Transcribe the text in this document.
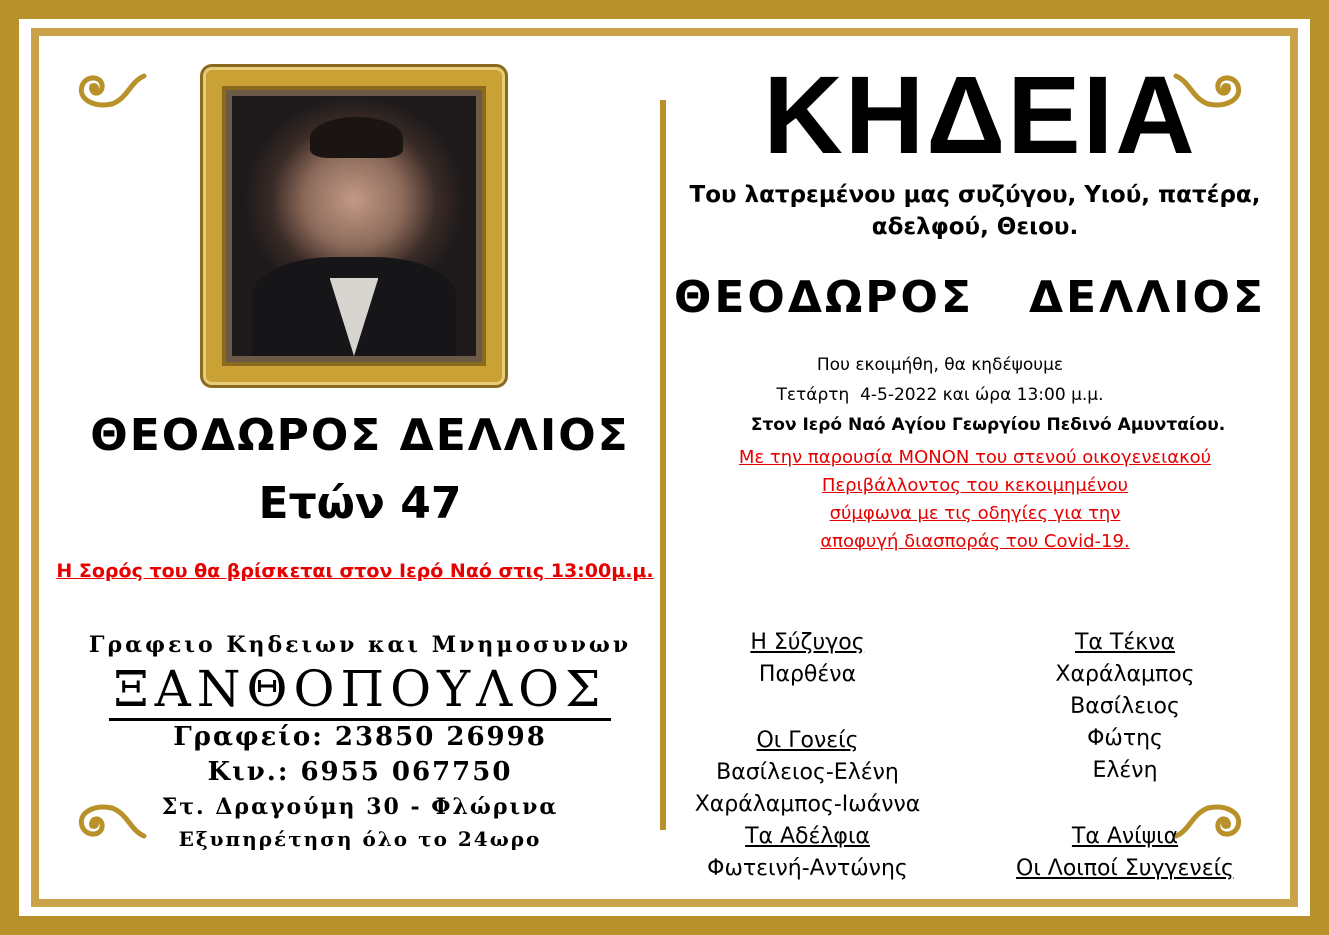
ΘΕΟΔΩΡΟΣ ΔΕΛΛΙΟΣ
Ετών 47
Η Σορός του θα βρίσκεται στον Ιερό Ναό στις 13:00μ.μ.
Γραφειο Κηδειων και Μνημοσυνων
ΞΑΝΘΟΠΟΥΛΟΣ
Γραφείο: 23850 26998
Κιν.: 6955 067750
Στ. Δραγούμη 30 - Φλώρινα
Εξυπηρέτηση όλο το 24ωρο
ΚΗΔΕΙΑ
Του λατρεμένου μας συζύγου, Υιού, πατέρα,
αδελφού, Θειου.
ΘΕΟΔΩΡΟΣ   ΔΕΛΛΙΟΣ
Που εκοιμήθη, θα κηδέψουμε
Τετάρτη  4-5-2022 και ώρα 13:00 μ.μ.
Στον Ιερό Ναό Αγίου Γεωργίου Πεδινό Αμυνταίου.
Με την παρουσία ΜΟΝΟΝ του στενού οικογενειακού
Περιβάλλοντος του κεκοιμημένου
σύμφωνα με τις οδηγίες για την
αποφυγή διασποράς του Covid-19.
Η Σύζυγος
Παρθένα
Οι Γονείς
Βασίλειος-Ελένη
Χαράλαμπος-Ιωάννα
Τα Αδέλφια
Φωτεινή-Αντώνης
Τα Τέκνα
Χαράλαμπος
Βασίλειος
Φώτης
Ελένη
Τα Ανίψια
Οι Λοιποί Συγγενείς
